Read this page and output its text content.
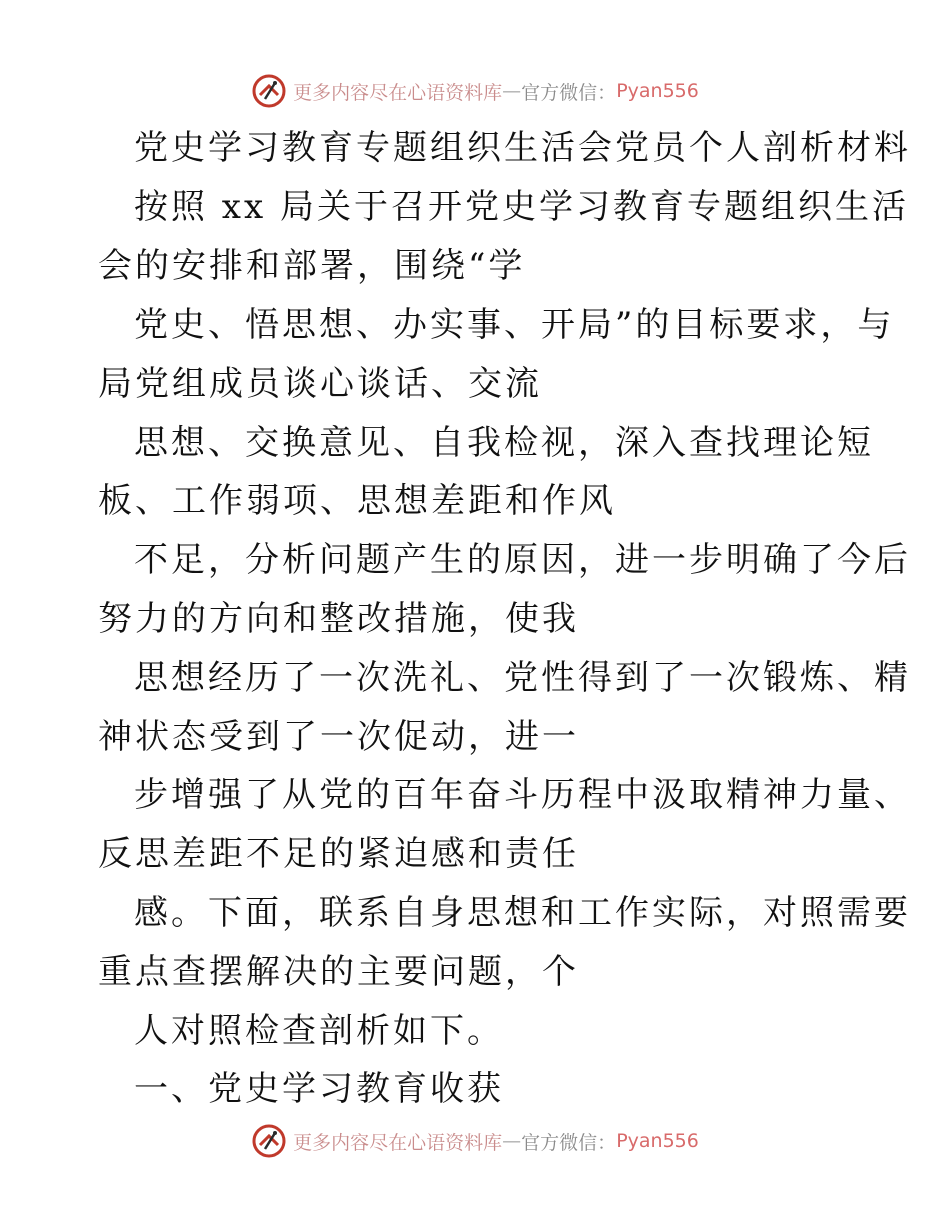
更多内容尽在心语资料库 — 官方微信： Pyan556
党史学习教育专题组织生活会党员个人剖析材料
按照 xx 局关于召开党史学习教育专题组织生活
会的安排和部署，围绕“学
党史、悟思想、办实事、开局”的目标要求，与
局党组成员谈心谈话、交流
思想、交换意见、自我检视，深入查找理论短
板、工作弱项、思想差距和作风
不足，分析问题产生的原因，进一步明确了今后
努力的方向和整改措施，使我
思想经历了一次洗礼、党性得到了一次锻炼、精
神状态受到了一次促动，进一
步增强了从党的百年奋斗历程中汲取精神力量、
反思差距不足的紧迫感和责任
感。下面，联系自身思想和工作实际，对照需要
重点查摆解决的主要问题，个
人对照检查剖析如下。
一、党史学习教育收获
更多内容尽在心语资料库 — 官方微信： Pyan556
